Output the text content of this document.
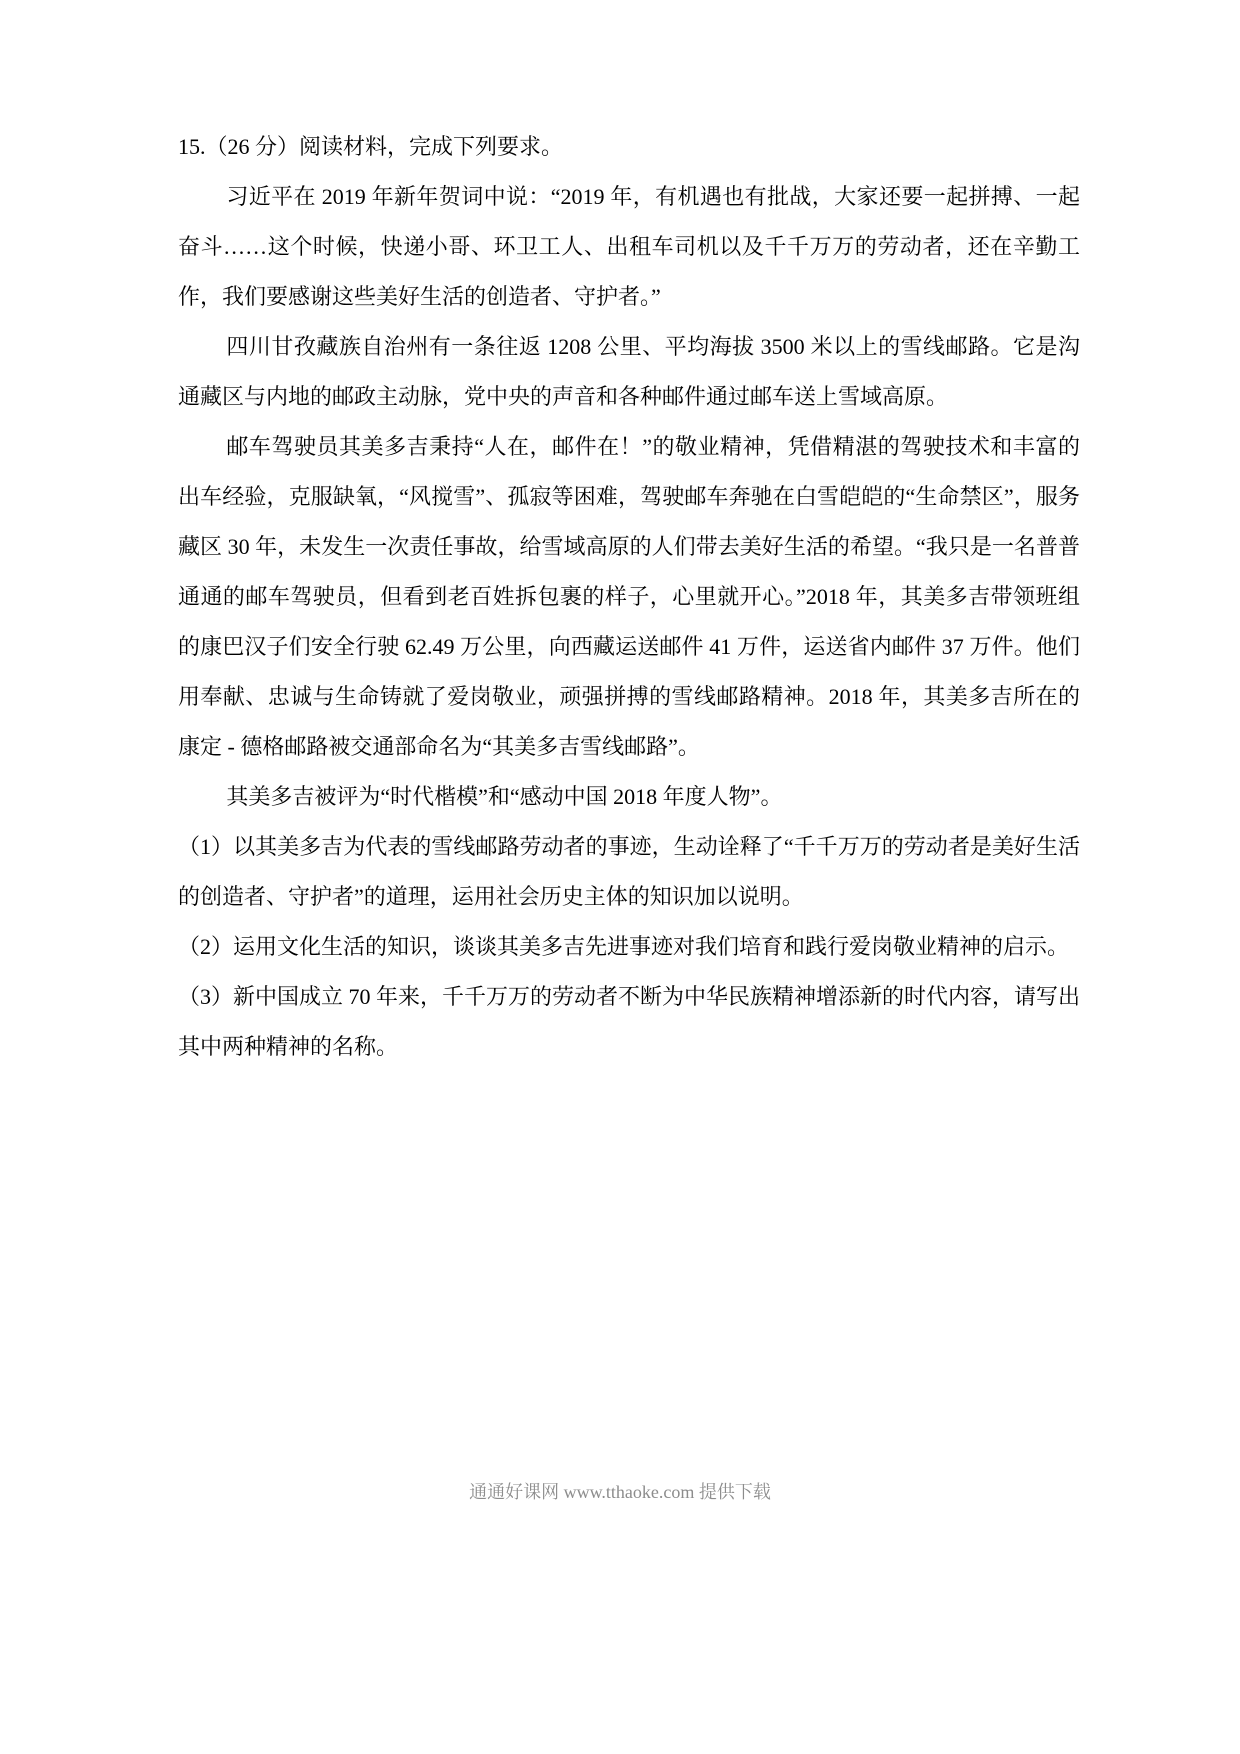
15.（26 分）阅读材料，完成下列要求。

习近平在 2019 年新年贺词中说：“2019 年，有机遇也有批战，大家还要一起拼搏、一起奋斗……这个时候，快递小哥、环卫工人、出租车司机以及千千万万的劳动者，还在辛勤工作，我们要感谢这些美好生活的创造者、守护者。”

四川甘孜藏族自治州有一条往返 1208 公里、平均海拔 3500 米以上的雪线邮路。它是沟通藏区与内地的邮政主动脉，党中央的声音和各种邮件通过邮车送上雪域高原。

邮车驾驶员其美多吉秉持“人在，邮件在！”的敬业精神，凭借精湛的驾驶技术和丰富的出车经验，克服缺氧，“风搅雪”、孤寂等困难，驾驶邮车奔驰在白雪皑皑的“生命禁区”，服务藏区 30 年，未发生一次责任事故，给雪域高原的人们带去美好生活的希望。“我只是一名普普通通的邮车驾驶员，但看到老百姓拆包裹的样子，心里就开心。”2018 年，其美多吉带领班组的康巴汉子们安全行驶 62.49 万公里，向西藏运送邮件 41 万件，运送省内邮件 37 万件。他们用奉献、忠诚与生命铸就了爱岗敬业，顽强拼搏的雪线邮路精神。2018 年，其美多吉所在的康定 - 德格邮路被交通部命名为“其美多吉雪线邮路”。

其美多吉被评为“时代楷模”和“感动中国 2018 年度人物”。

（1）以其美多吉为代表的雪线邮路劳动者的事迹，生动诠释了“千千万万的劳动者是美好生活的创造者、守护者”的道理，运用社会历史主体的知识加以说明。

（2）运用文化生活的知识，谈谈其美多吉先进事迹对我们培育和践行爱岗敬业精神的启示。

（3）新中国成立 70 年来，千千万万的劳动者不断为中华民族精神增添新的时代内容，请写出其中两种精神的名称。

通通好课网 www.tthaoke.com 提供下载
